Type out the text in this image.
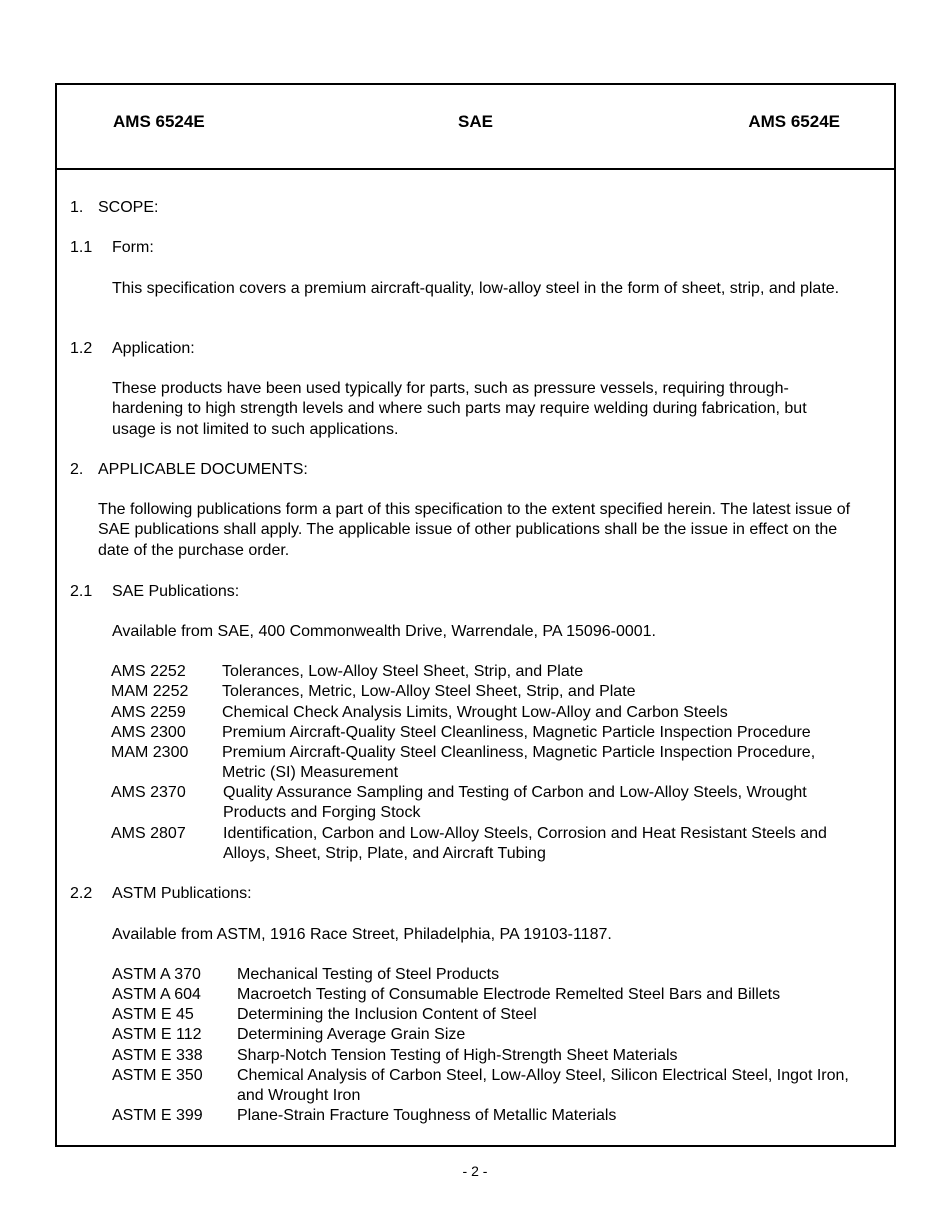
AMS 6524E	SAE	AMS 6524E
1. SCOPE:
1.1 Form:
This specification covers a premium aircraft-quality, low-alloy steel in the form of sheet, strip, and plate.
1.2 Application:
These products have been used typically for parts, such as pressure vessels, requiring through-hardening to high strength levels and where such parts may require welding during fabrication, but usage is not limited to such applications.
2. APPLICABLE DOCUMENTS:
The following publications form a part of this specification to the extent specified herein. The latest issue of SAE publications shall apply. The applicable issue of other publications shall be the issue in effect on the date of the purchase order.
2.1 SAE Publications:
Available from SAE, 400 Commonwealth Drive, Warrendale, PA 15096-0001.
AMS 2252 Tolerances, Low-Alloy Steel Sheet, Strip, and Plate
MAM 2252 Tolerances, Metric, Low-Alloy Steel Sheet, Strip, and Plate
AMS 2259 Chemical Check Analysis Limits, Wrought Low-Alloy and Carbon Steels
AMS 2300 Premium Aircraft-Quality Steel Cleanliness, Magnetic Particle Inspection Procedure
MAM 2300 Premium Aircraft-Quality Steel Cleanliness, Magnetic Particle Inspection Procedure, Metric (SI) Measurement
AMS 2370 Quality Assurance Sampling and Testing of Carbon and Low-Alloy Steels, Wrought Products and Forging Stock
AMS 2807 Identification, Carbon and Low-Alloy Steels, Corrosion and Heat Resistant Steels and Alloys, Sheet, Strip, Plate, and Aircraft Tubing
2.2 ASTM Publications:
Available from ASTM, 1916 Race Street, Philadelphia, PA 19103-1187.
ASTM A 370 Mechanical Testing of Steel Products
ASTM A 604 Macroetch Testing of Consumable Electrode Remelted Steel Bars and Billets
ASTM E 45	Determining the Inclusion Content of Steel
ASTM E 112 Determining Average Grain Size
ASTM E 338 Sharp-Notch Tension Testing of High-Strength Sheet Materials
ASTM E 350 Chemical Analysis of Carbon Steel, Low-Alloy Steel, Silicon Electrical Steel, Ingot Iron, and Wrought Iron
ASTM E 399 Plane-Strain Fracture Toughness of Metallic Materials
- 2 -
